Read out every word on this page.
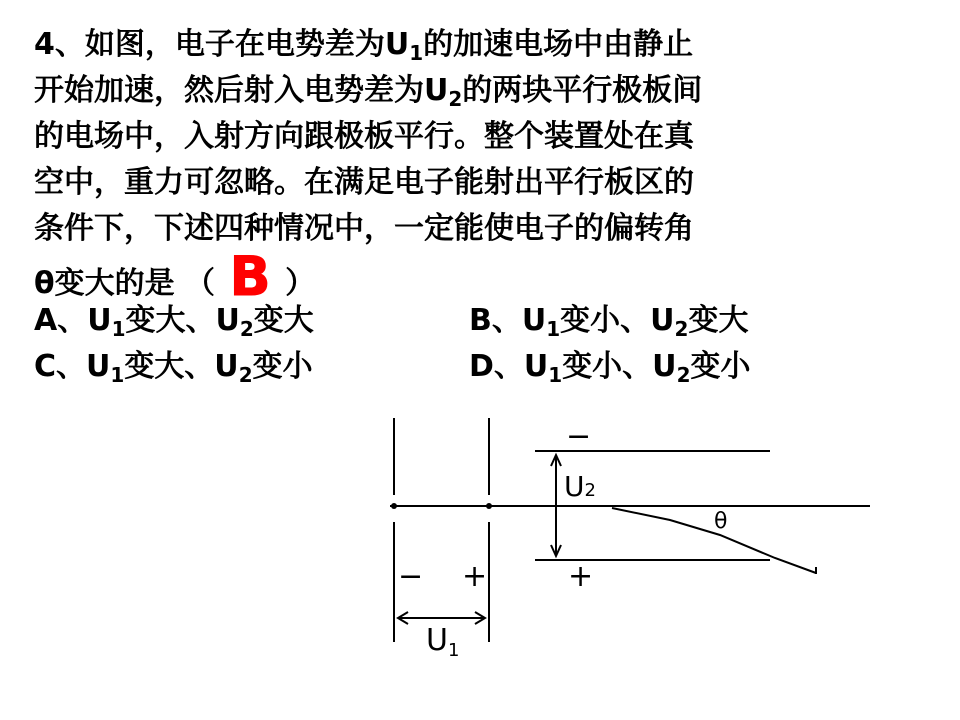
4、如图，电子在电势差为$U_1$的加速电场中由静止
开始加速，然后射入电势差为$U_2$的两块平行极板间
的电场中，入射方向跟极板平行。整个装置处在真
空中，重力可忽略。在满足电子能射出平行板区的
条件下，下述四种情况中，一定能使电子的偏转角
θ变大的是 （ B ）
A、$U_1$变大、$U_2$变大	B、$U_1$变小、$U_2$变大
C、$U_1$变大、$U_2$变小	D、$U_1$变小、$U_2$变小
− +
−
+
$U_1$
U2
θ
